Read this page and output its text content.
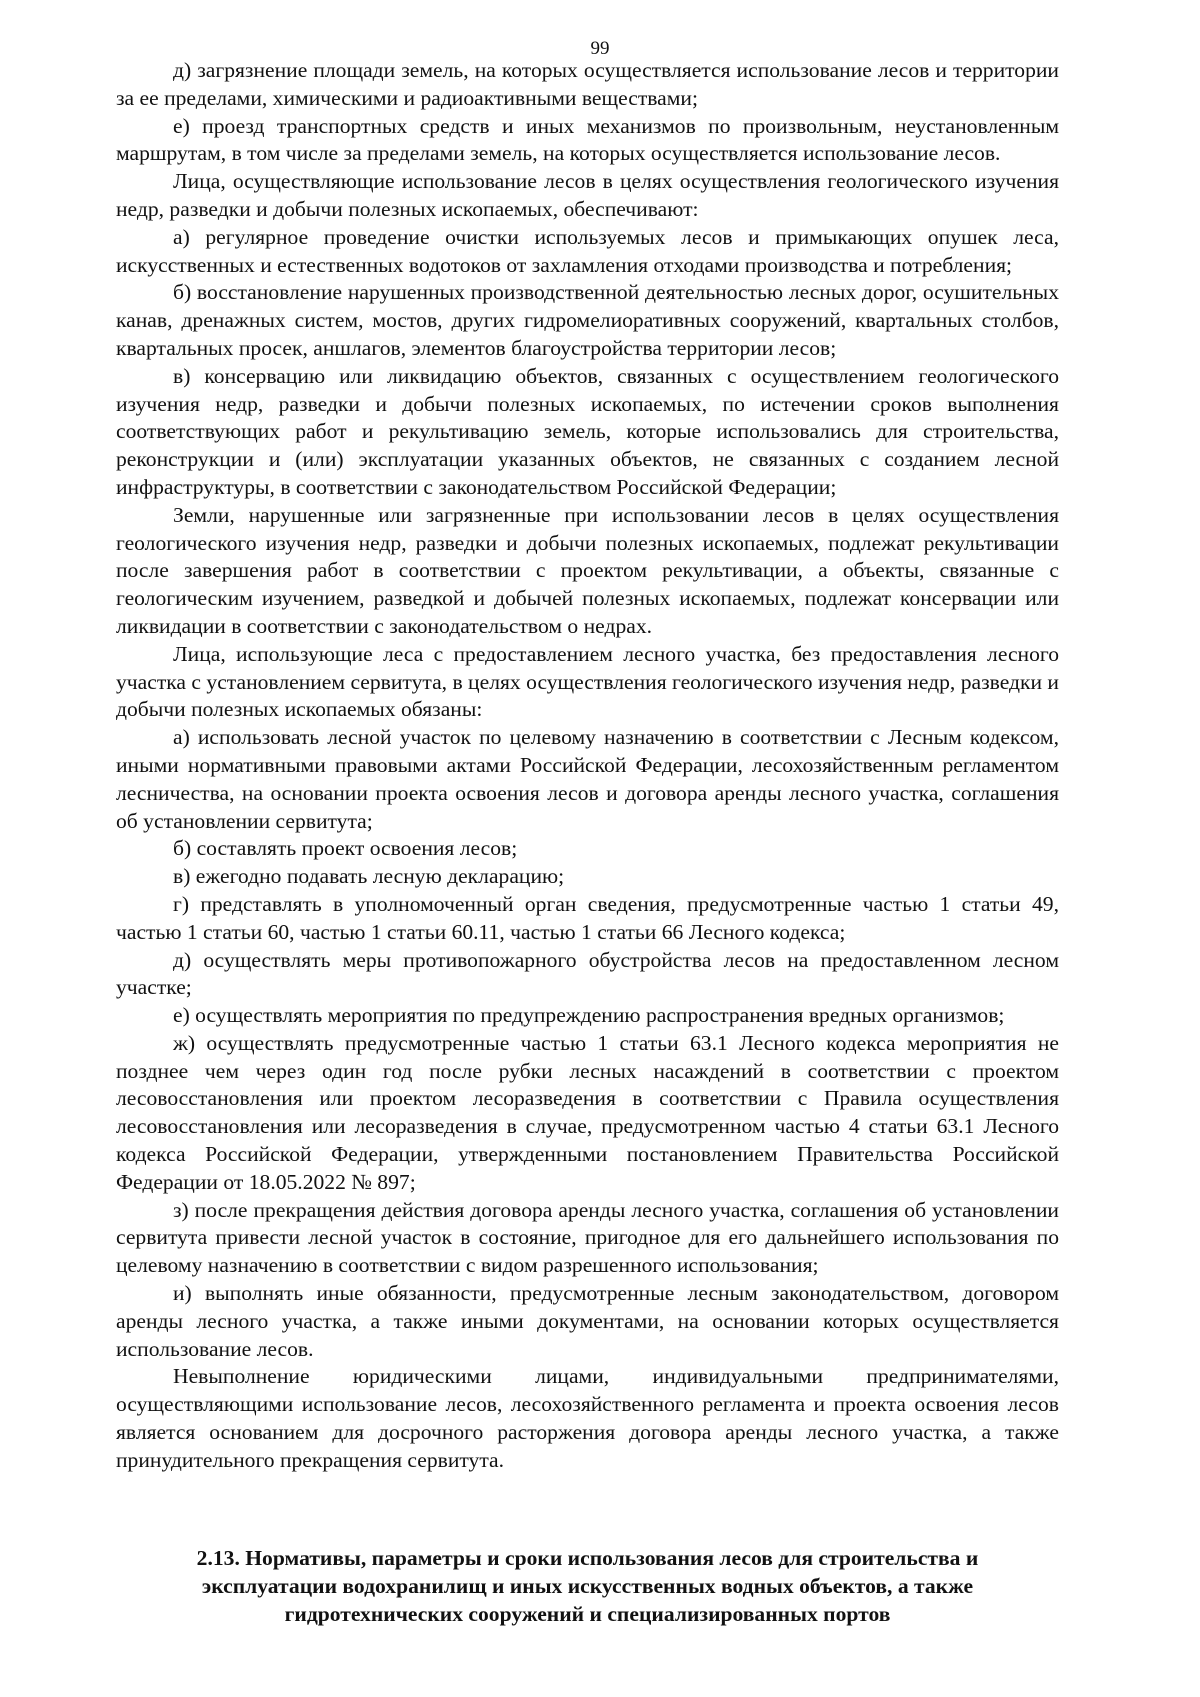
99

д) загрязнение площади земель, на которых осуществляется использование лесов и территории за ее пределами, химическими и радиоактивными веществами;

е) проезд транспортных средств и иных механизмов по произвольным, неустановленным маршрутам, в том числе за пределами земель, на которых осуществляется использование лесов.

Лица, осуществляющие использование лесов в целях осуществления геологического изучения недр, разведки и добычи полезных ископаемых, обеспечивают:

а) регулярное проведение очистки используемых лесов и примыкающих опушек леса, искусственных и естественных водотоков от захламления отходами производства и потребления;

б) восстановление нарушенных производственной деятельностью лесных дорог, осушительных канав, дренажных систем, мостов, других гидромелиоративных сооружений, квартальных столбов, квартальных просек, аншлагов, элементов благоустройства территории лесов;

в) консервацию или ликвидацию объектов, связанных с осуществлением геологического изучения недр, разведки и добычи полезных ископаемых, по истечении сроков выполнения соответствующих работ и рекультивацию земель, которые использовались для строительства, реконструкции и (или) эксплуатации указанных объектов, не связанных с созданием лесной инфраструктуры, в соответствии с законодательством Российской Федерации;

Земли, нарушенные или загрязненные при использовании лесов в целях осуществления геологического изучения недр, разведки и добычи полезных ископаемых, подлежат рекультивации после завершения работ в соответствии с проектом рекультивации, а объекты, связанные с геологическим изучением, разведкой и добычей полезных ископаемых, подлежат консервации или ликвидации в соответствии с законодательством о недрах.

Лица, использующие леса с предоставлением лесного участка, без предоставления лесного участка с установлением сервитута, в целях осуществления геологического изучения недр, разведки и добычи полезных ископаемых обязаны:

а) использовать лесной участок по целевому назначению в соответствии с Лесным кодексом, иными нормативными правовыми актами Российской Федерации, лесохозяйственным регламентом лесничества, на основании проекта освоения лесов и договора аренды лесного участка, соглашения об установлении сервитута;

б) составлять проект освоения лесов;

в) ежегодно подавать лесную декларацию;

г) представлять в уполномоченный орган сведения, предусмотренные частью 1 статьи 49, частью 1 статьи 60, частью 1 статьи 60.11, частью 1 статьи 66 Лесного кодекса;

д) осуществлять меры противопожарного обустройства лесов на предоставленном лесном участке;

е) осуществлять мероприятия по предупреждению распространения вредных организмов;

ж) осуществлять предусмотренные частью 1 статьи 63.1 Лесного кодекса мероприятия не позднее чем через один год после рубки лесных насаждений в соответствии с проектом лесовосстановления или проектом лесоразведения в соответствии с Правила осуществления лесовосстановления или лесоразведения в случае, предусмотренном частью 4 статьи 63.1 Лесного кодекса Российской Федерации, утвержденными постановлением Правительства Российской Федерации от 18.05.2022 № 897;

з) после прекращения действия договора аренды лесного участка, соглашения об установлении сервитута привести лесной участок в состояние, пригодное для его дальнейшего использования по целевому назначению в соответствии с видом разрешенного использования;

и) выполнять иные обязанности, предусмотренные лесным законодательством, договором аренды лесного участка, а также иными документами, на основании которых осуществляется использование лесов.

Невыполнение юридическими лицами, индивидуальными предпринимателями, осуществляющими использование лесов, лесохозяйственного регламента и проекта освоения лесов является основанием для досрочного расторжения договора аренды лесного участка, а также принудительного прекращения сервитута.

2.13. Нормативы, параметры и сроки использования лесов для строительства и
эксплуатации водохранилищ и иных искусственных водных объектов, а также
гидротехнических сооружений и специализированных портов
